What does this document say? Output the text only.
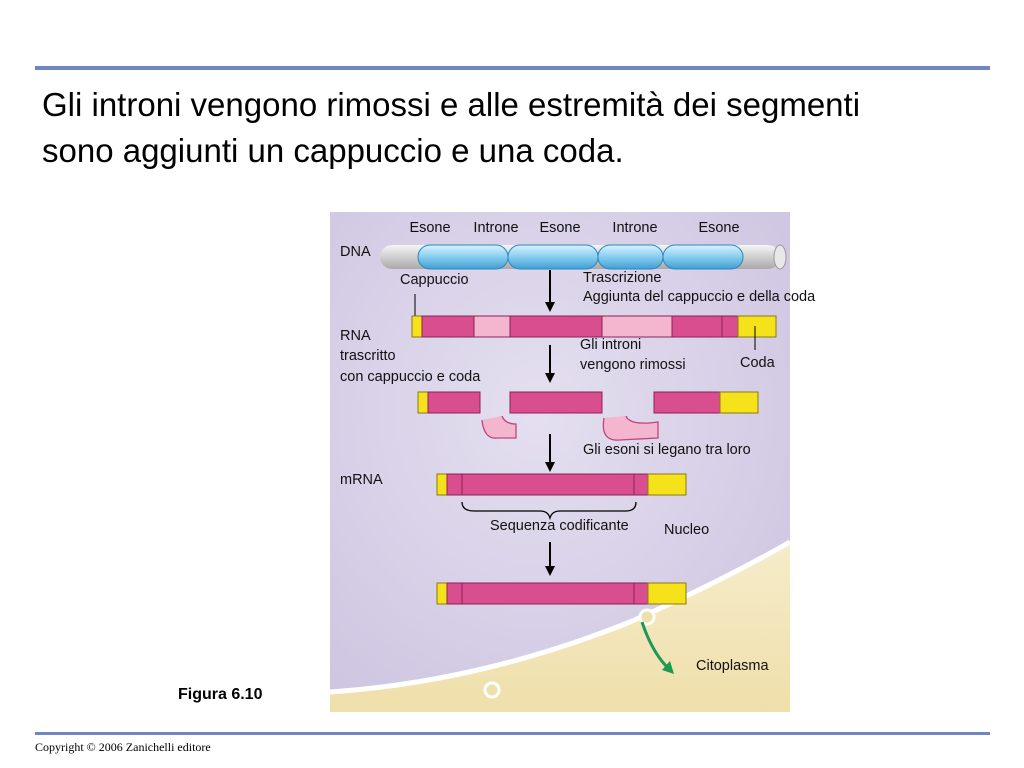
Gli introni vengono rimossi e alle estremità dei segmenti
sono aggiunti un cappuccio e una coda.
Esone Introne Esone Introne	Esone
DNA
Cappuccio	Trascrizione
Aggiunta del cappuccio e della coda
RNA
trascritto
con cappuccio e coda
Gli introni
vengono rimossi	Coda
Gli esoni si legano tra loro
mRNA
Sequenza codificante Nucleo
Citoplasma
Figura 6.10
Copyright © 2006 Zanichelli editore
